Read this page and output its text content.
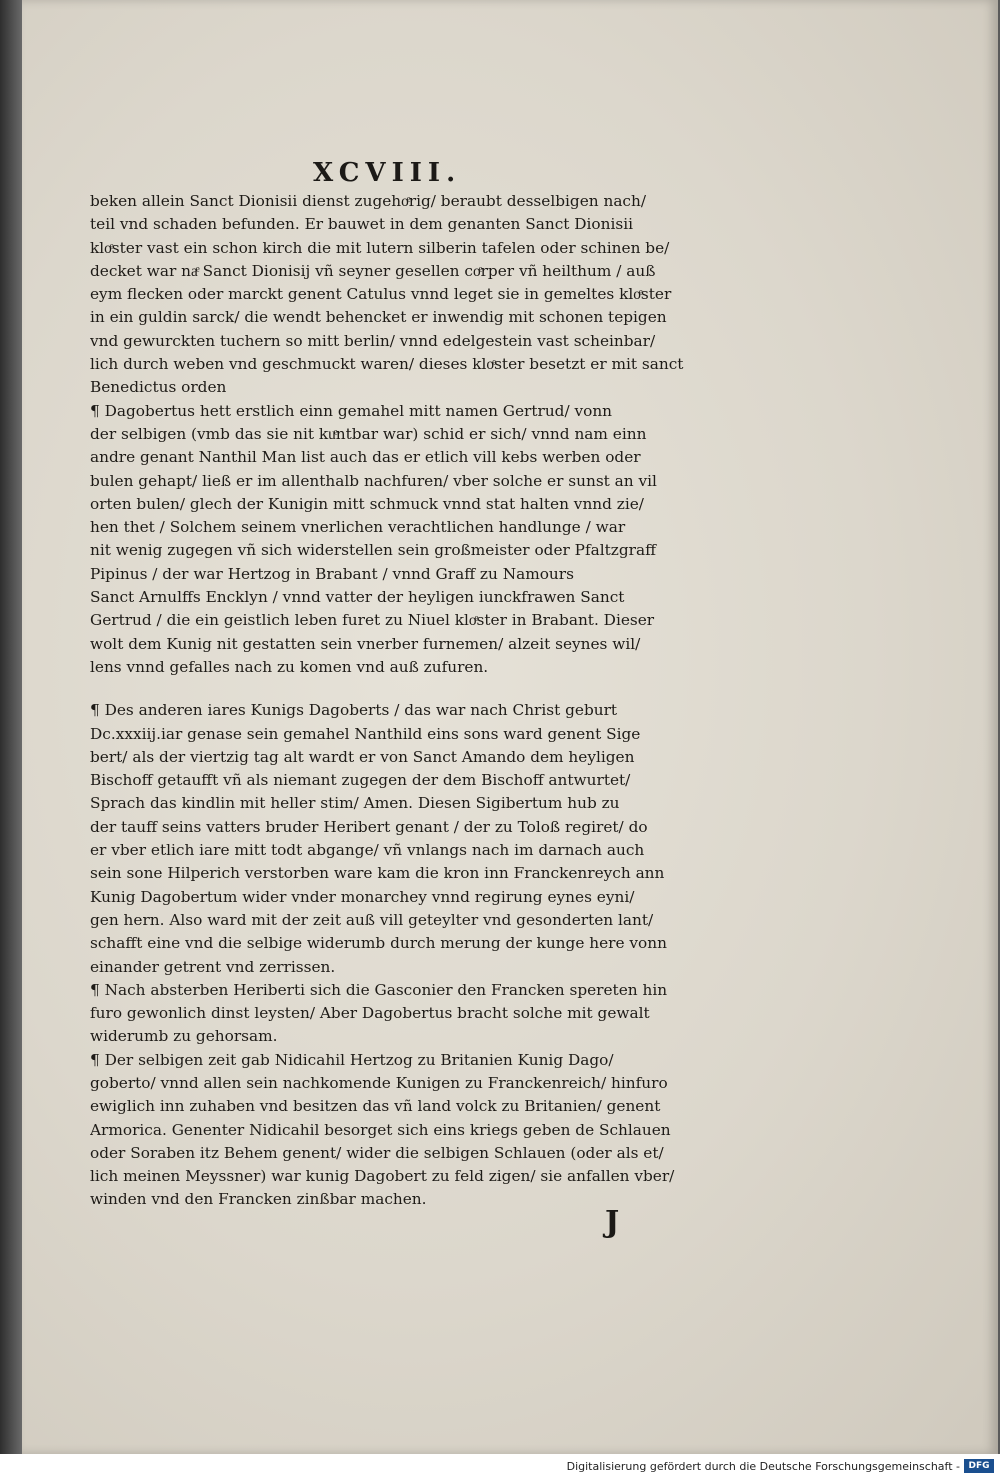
XCVIII.
beken allein Sanct Dionisii dienst zugehoͤrig/ beraubt desselbigen nach/
teil vnd schaden befunden. Er bauwet in dem genanten Sanct Dionisii
kloͤster vast ein schon kirch die mit lutern silberin tafelen oder schinen be/
decket war naͤ Sanct Dionisij vñ seyner gesellen coͤrper vñ heilthum / auß
eym flecken oder marckt genent Catulus vnnd leget sie in gemeltes kloͤster
in ein guldin sarck/ die wendt behencket er inwendig mit schonen tepigen
vnd gewurckten tuchern so mitt berlin/ vnnd edelgestein vast scheinbar/
lich durch weben vnd geschmuckt waren/ dieses kloͤster besetzt er mit sanct
Benedictus orden
¶ Dagobertus hett erstlich einn gemahel mitt namen Gertrud/ vonn
der selbigen (vmb das sie nit kuͤntbar war) schid er sich/ vnnd nam einn
andre genant Nanthil Man list auch das er etlich vill kebs werben oder
bulen gehapt/ ließ er im allenthalb nachfuren/ vber solche er sunst an vil
orten bulen/ glech der Kunigin mitt schmuck vnnd stat halten vnnd zie/
hen thet / Solchem seinem vnerlichen verachtlichen handlunge / war
nit wenig zugegen vñ sich widerstellen sein großmeister oder Pfaltzgraff
Pipinus / der war Hertzog in Brabant / vnnd Graff zu Namours
Sanct Arnulffs Encklyn / vnnd vatter der heyligen iunckfrawen Sanct
Gertrud / die ein geistlich leben furet zu Niuel kloͤster in Brabant. Dieser
wolt dem Kunig nit gestatten sein vnerber furnemen/ alzeit seynes wil/
lens vnnd gefalles nach zu komen vnd auß zufuren.
¶ Des anderen iares Kunigs Dagoberts / das war nach Christ geburt
Dc.xxxiij.iar genase sein gemahel Nanthild eins sons ward genent Sige
bert/ als der viertzig tag alt wardt er von Sanct Amando dem heyligen
Bischoff getaufft vñ als niemant zugegen der dem Bischoff antwurtet/
Sprach das kindlin mit heller stim/ Amen. Diesen Sigibertum hub zu
der tauff seins vatters bruder Heribert genant / der zu Toloß regiret/ do
er vber etlich iare mitt todt abgange/ vñ vnlangs nach im darnach auch
sein sone Hilperich verstorben ware kam die kron inn Franckenreych ann
Kunig Dagobertum wider vnder monarchey vnnd regirung eynes eyni/
gen hern. Also ward mit der zeit auß vill geteylter vnd gesonderten lant/
schafft eine vnd die selbige widerumb durch merung der kunge here vonn
einander getrent vnd zerrissen.
¶ Nach absterben Heriberti sich die Gasconier den Francken spereten hin
furo gewonlich dinst leysten/ Aber Dagobertus bracht solche mit gewalt
widerumb zu gehorsam.
¶ Der selbigen zeit gab Nidicahil Hertzog zu Britanien Kunig Dago/
goberto/ vnnd allen sein nachkomende Kunigen zu Franckenreich/ hinfuro
ewiglich inn zuhaben vnd besitzen das vñ land volck zu Britanien/ genent
Armorica. Genenter Nidicahil besorget sich eins kriegs geben de Schlauen
oder Soraben itz Behem genent/ wider die selbigen Schlauen (oder als et/
lich meinen Meyssner) war kunig Dagobert zu feld zigen/ sie anfallen vber/
winden vnd den Francken zinßbar machen.
J
Digitalisierung gefördert durch die Deutsche Forschungsgemeinschaft - DFG
